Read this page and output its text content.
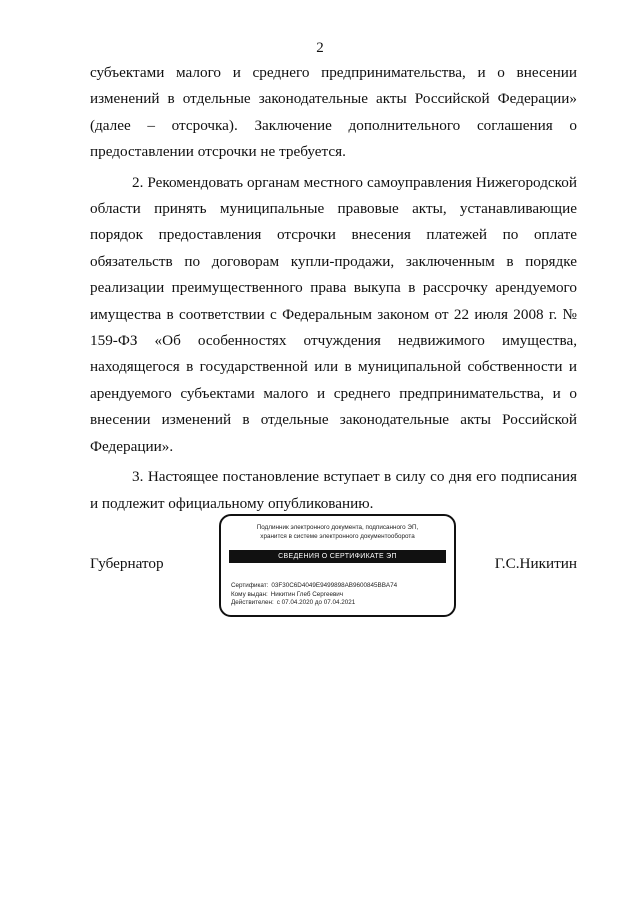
2

субъектами малого и среднего предпринимательства, и о внесении изменений в отдельные законодательные акты Российской Федерации» (далее – отсрочка). Заключение дополнительного соглашения о предоставлении отсрочки не требуется.

2. Рекомендовать органам местного самоуправления Нижегородской области принять муниципальные правовые акты, устанавливающие порядок предоставления отсрочки внесения платежей по оплате обязательств по договорам купли-продажи, заключенным в порядке реализации преимущественного права выкупа в рассрочку арендуемого имущества в соответствии с Федеральным законом от 22 июля 2008 г. № 159-ФЗ «Об особенностях отчуждения недвижимого имущества, находящегося в государственной или в муниципальной собственности и арендуемого субъектами малого и среднего предпринимательства, и о внесении изменений в отдельные законодательные акты Российской Федерации».

3. Настоящее постановление вступает в силу со дня его подписания и подлежит официальному опубликованию.

Губернатор	Г.С.Никитин
Подлинник электронного документа, подписанного ЭП,
хранится в системе электронного документооборота
СВЕДЕНИЯ О СЕРТИФИКАТЕ ЭП
Сертификат: 03F30C6D4049E9499898AB9600845BBA74
Кому выдан: Никитин Глеб Сергеевич
Действителен: с 07.04.2020 до 07.04.2021
